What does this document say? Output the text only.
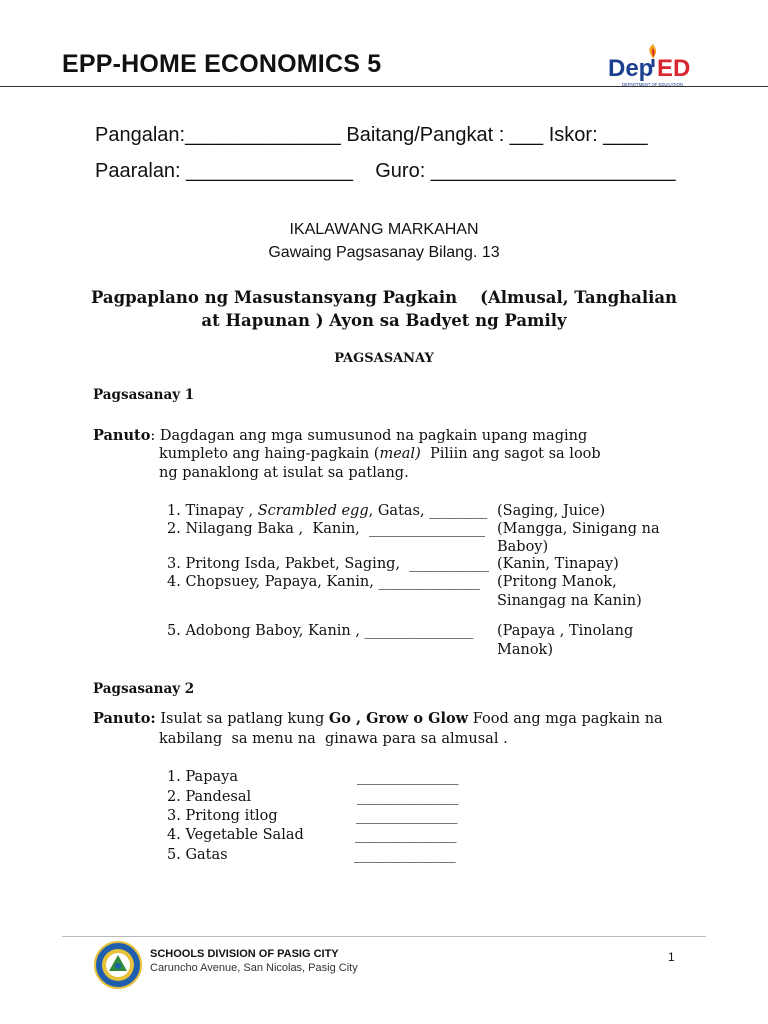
EPP-HOME ECONOMICS 5	Dep ED
DEPARTMENT OF EDUCATION
Pangalan:______________ Baitang/Pangkat : ___ Iskor: ____
Paaralan: _______________    Guro: ______________________
IKALAWANG MARKAHAN
Gawaing Pagsasanay Bilang. 13
Pagpaplano ng Masustansyang Pagkain    (Almusal, Tanghalian
at Hapunan ) Ayon sa Badyet ng Pamily
PAGSASANAY
Pagsasanay 1
Panuto: Dagdagan ang mga sumusunod na pagkain upang maging
kumpleto ang haing-pagkain (meal)  Piliin ang sagot sa loob
ng panaklong at isulat sa patlang.
1. Tinapay , Scrambled egg, Gatas, ________ (Saging, Juice)
2. Nilagang Baka ,  Kanin,  ________________ (Mangga, Sinigang na
Baboy)
3. Pritong Isda, Pakbet, Saging,  ___________ (Kanin, Tinapay)
4. Chopsuey, Papaya, Kanin, ______________ (Pritong Manok,
Sinangag na Kanin)
5. Adobong Baboy, Kanin , _______________ (Papaya , Tinolang
Manok)
Pagsasanay 2
Panuto: Isulat sa patlang kung Go , Grow o Glow Food ang mga pagkain na
kabilang  sa menu na  ginawa para sa almusal .
1. Papaya	______________
2. Pandesal	______________
3. Pritong itlog	______________
4. Vegetable Salad	______________
5. Gatas	______________
SCHOOLS DIVISION OF PASIG CITY
Caruncho Avenue, San Nicolas, Pasig City
1
